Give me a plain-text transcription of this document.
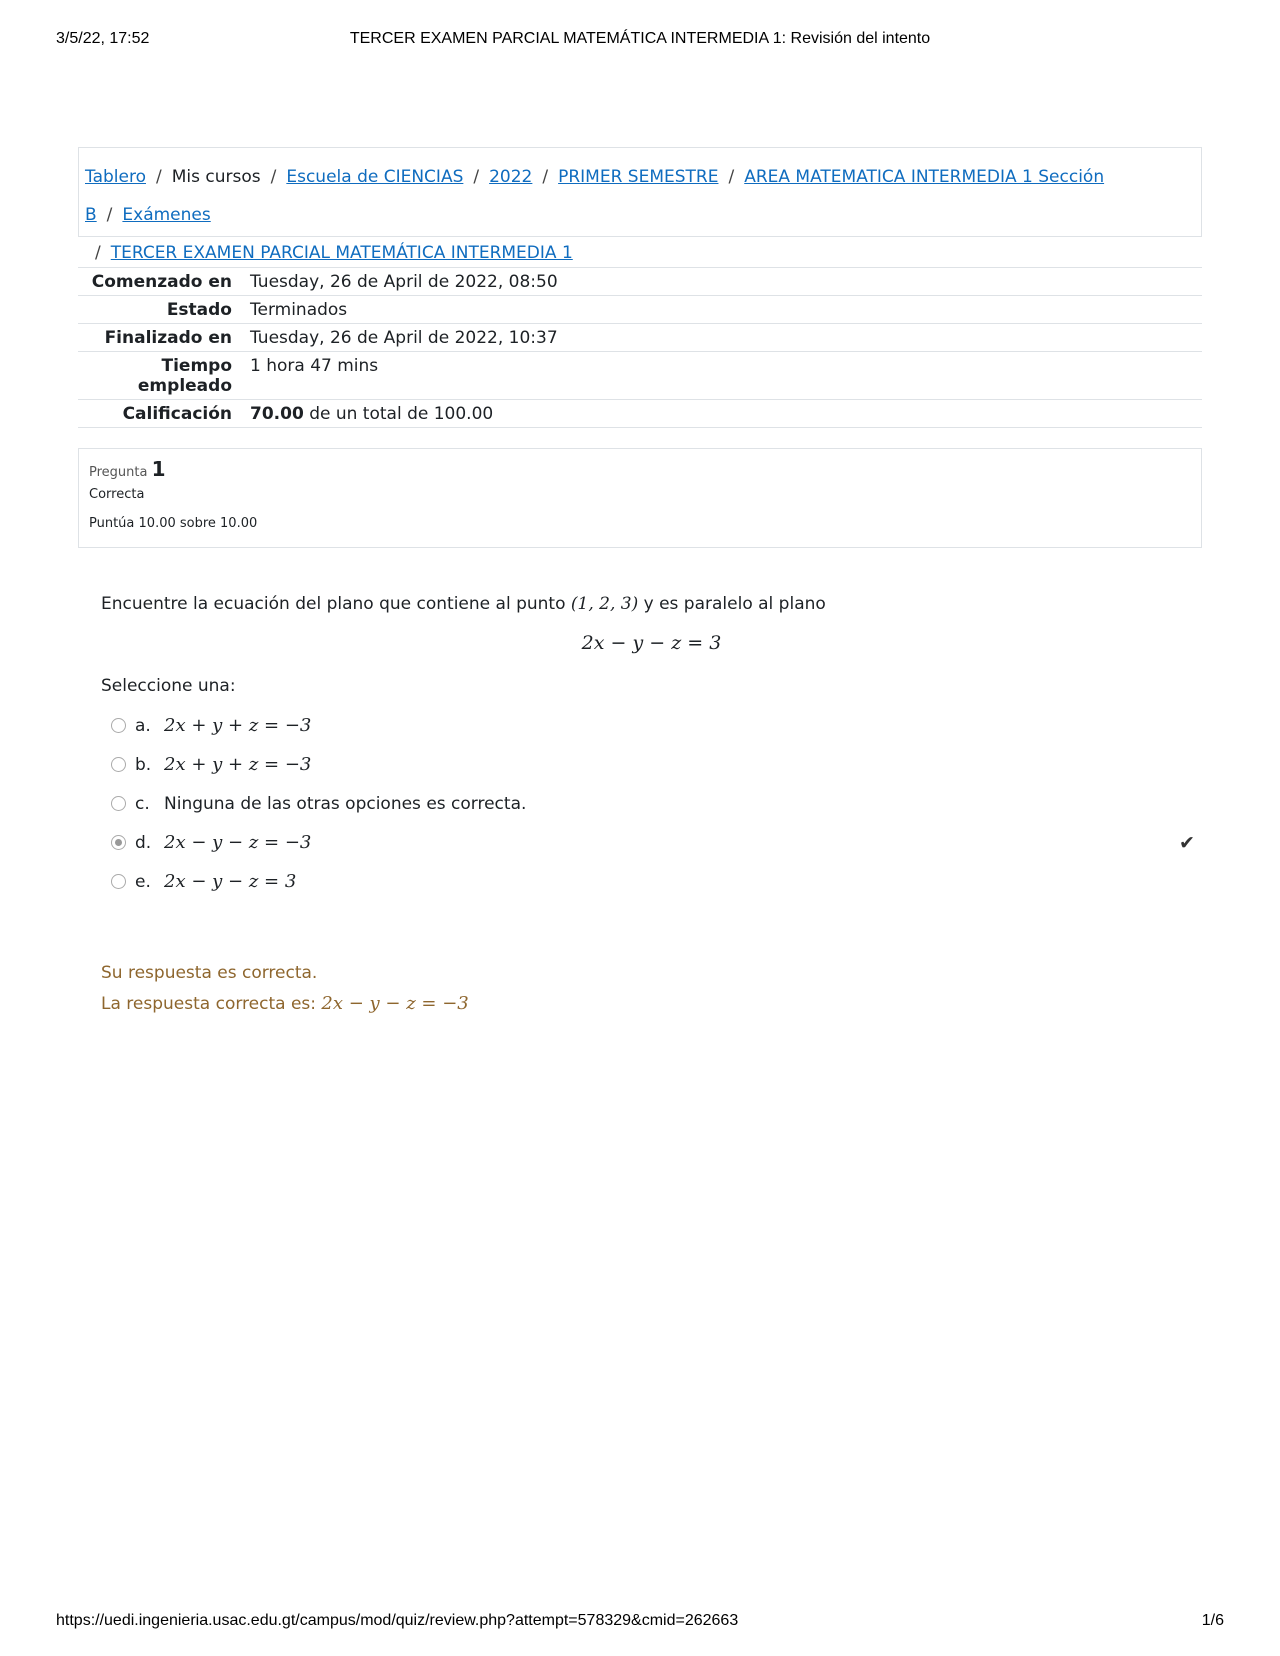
3/5/22, 17:52	TERCER EXAMEN PARCIAL MATEMÁTICA INTERMEDIA 1: Revisión del intento
Tablero / Mis cursos / Escuela de CIENCIAS / 2022 / PRIMER SEMESTRE / AREA MATEMATICA INTERMEDIA 1 Sección B / Exámenes
/ TERCER EXAMEN PARCIAL MATEMÁTICA INTERMEDIA 1
Comenzado en	Tuesday, 26 de April de 2022, 08:50
Estado	Terminados
Finalizado en	Tuesday, 26 de April de 2022, 10:37
Tiempo
empleado	1 hora 47 mins
Calificación	70.00 de un total de 100.00
Pregunta 1
Correcta
Puntúa 10.00 sobre 10.00
Encuentre la ecuación del plano que contiene al punto (1, 2, 3) y es paralelo al plano
2x − y − z = 3
Seleccione una:
a. 2x + y + z = −3
b. 2x + y + z = −3
c. Ninguna de las otras opciones es correcta.
d. 2x − y − z = −3	✔
e. 2x − y − z = 3
Su respuesta es correcta.
La respuesta correcta es: 2x − y − z = −3
https://uedi.ingenieria.usac.edu.gt/campus/mod/quiz/review.php?attempt=578329&cmid=262663	1/6
